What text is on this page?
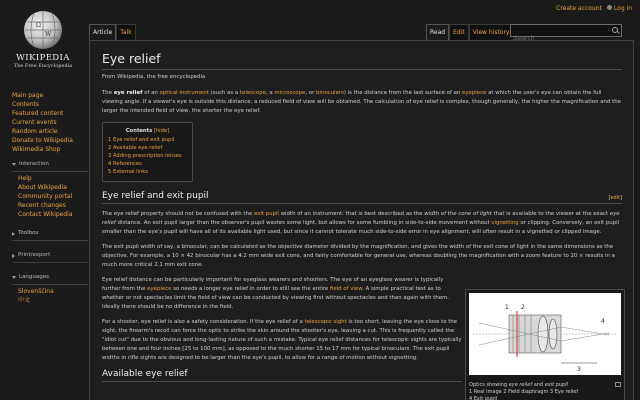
Create account	Log in
Ω
W
WIKIPEDIA
The Free Encyclopedia
Main page
Contents
Featured content
Current events
Random article
Donate to Wikipedia
Wikimedia Shop
Interaction
Help
About Wikipedia
Community portal
Recent changes
Contact Wikipedia
Toolbox
Print/export
Languages
Slovenščina
中文
Article	Talk	Read	Edit	View history
Search
Eye relief
From Wikipedia, the free encyclopedia
The eye relief of an optical instrument (such as a telescope, a microscope, or binoculars) is the distance from the last surface of an eyepiece at which the user's eye can obtain the full viewing angle. If a viewer's eye is outside this distance, a reduced field of view will be obtained. The calculation of eye relief is complex, though generally, the higher the magnification and the larger the intended field of view, the shorter the eye relief.
Contents [hide]
1 Eye relief and exit pupil
2 Available eye relief
3 Adding prescription lenses
4 References
5 External links
Eye relief and exit pupil	[edit]
The eye relief property should not be confused with the exit pupil width of an instrument: that is best described as the width of the cone of light that is available to the viewer at the exact eye relief distance. An exit pupil larger than the observer's pupil wastes some light, but allows for some fumbling in side-to-side movement without vignetting or clipping. Conversely, an exit pupil smaller than the eye's pupil will have all of its available light used, but since it cannot tolerate much side-to-side error in eye alignment, will often result in a vignetted or clipped image.
The exit pupil width of say, a binocular, can be calculated as the objective diameter divided by the magnification, and gives the width of the exit cone of light in the same dimensions as the objective. For example, a 10 × 42 binocular has a 4.2 mm wide exit cone, and fairly comfortable for general use, whereas doubling the magnification with a zoom feature to 20 × results in a much more critical 2.1 mm exit cone.
Eye relief distance can be particularly important for eyeglass wearers and shooters. The eye of an eyeglass wearer is typically further from the eyepiece so needs a longer eye relief in order to still see the entire field of view. A simple practical test as to whether or not spectacles limit the field of view can be conducted by viewing first without spectacles and then again with them. Ideally there should be no difference in the field.
For a shooter, eye relief is also a safety consideration. If the eye relief of a telescopic sight is too short, leaving the eye close to the sight, the firearm's recoil can force the optic to strike the skin around the shooter's eye, leaving a cut. This is frequently called the "idiot cut" due to the obvious and long-lasting nature of such a mistake. Typical eye relief distances for telescopic sights are typically between one and four inches [25 to 100 mm], as opposed to the much shorter 15 to 17 mm for typical binoculars. The exit pupil widths in rifle sights are designed to be larger than the eye's pupil, to allow for a range of motion without vignetting.
Available eye relief
1 2
3
4
Optics showing eye relief and exit pupil
1 Real image 2 Field diaphragm 3 Eye relief
4 Exit pupil
